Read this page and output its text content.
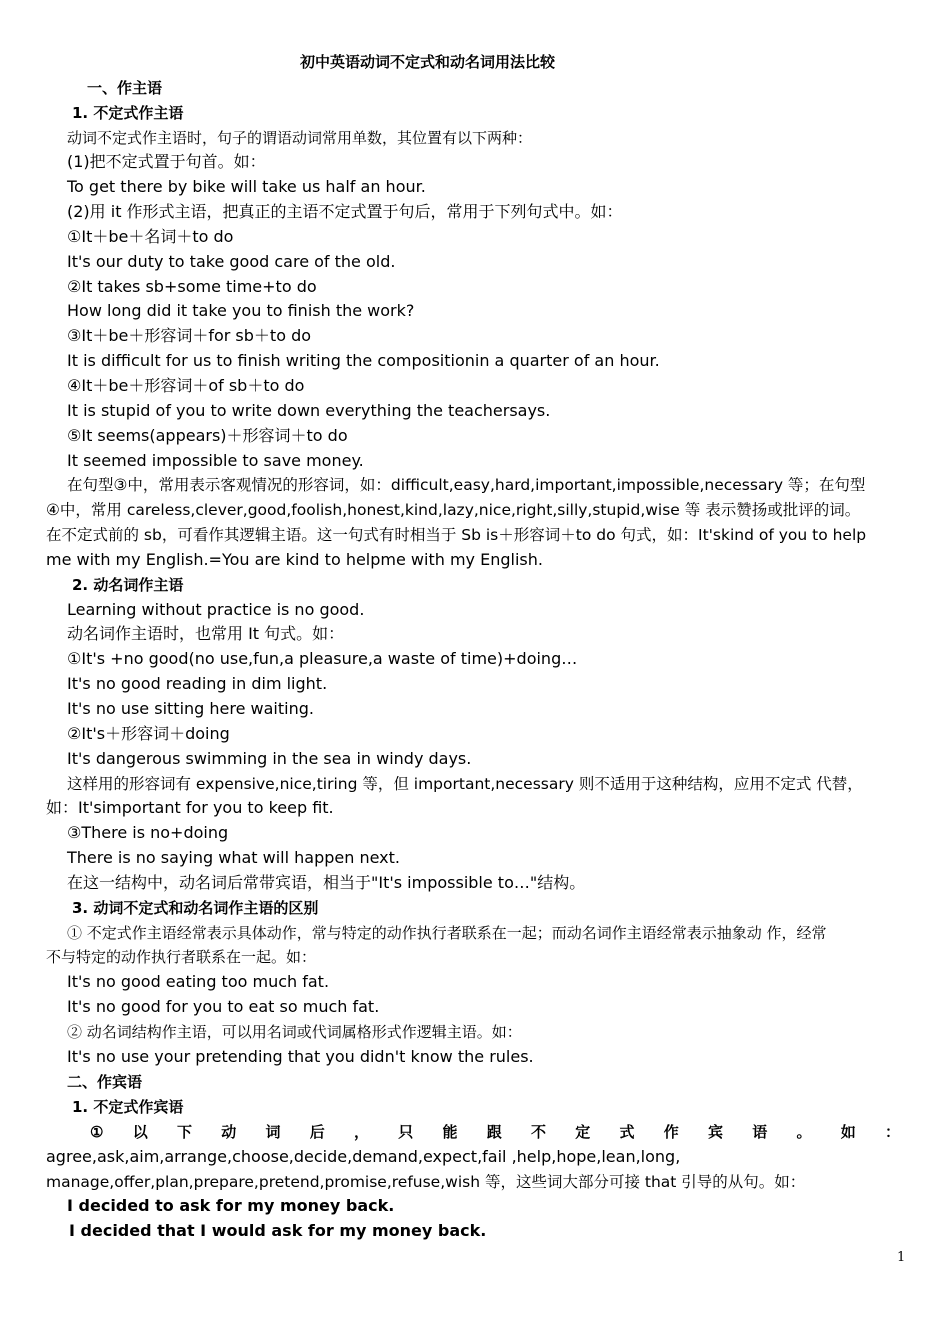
初中英语动词不定式和动名词用法比较
一、作主语
1. 不定式作主语
动词不定式作主语时，句子的谓语动词常用单数，其位置有以下两种：
(1)把不定式置于句首。如：
To get there by bike will take us half an hour.
(2)用 it 作形式主语，把真正的主语不定式置于句后，常用于下列句式中。如：
①It＋be＋名词＋to do
It's our duty to take good care of the old.
②It takes sb+some time+to do
How long did it take you to finish the work?
③It＋be＋形容词＋for sb＋to do
It is difficult for us to finish writing the compositionin a quarter of an hour.
④It＋be＋形容词＋of sb＋to do
It is stupid of you to write down everything the teachersays.
⑤It seems(appears)＋形容词＋to do
It seemed impossible to save money.
在句型③中，常用表示客观情况的形容词，如：difficult,easy,hard,important,impossible,necessary 等；在句型
④中，常用 careless,clever,good,foolish,honest,kind,lazy,nice,right,silly,stupid,wise 等 表示赞扬或批评的词。
在不定式前的 sb，可看作其逻辑主语。这一句式有时相当于 Sb is＋形容词＋to do 句式，如：It'skind of you to help
me with my English.=You are kind to helpme with my English.
2. 动名词作主语
Learning without practice is no good.
动名词作主语时，也常用 It 句式。如：
①It's +no good(no use,fun,a pleasure,a waste of time)+doing…
It's no good reading in dim light.
It's no use sitting here waiting.
②It's＋形容词＋doing
It's dangerous swimming in the sea in windy days.
这样用的形容词有 expensive,nice,tiring 等，但 important,necessary 则不适用于这种结构，应用不定式 代替，
如：It'simportant for you to keep fit.
③There is no+doing
There is no saying what will happen next.
在这一结构中，动名词后常带宾语，相当于"It's impossible to…"结构。
3. 动词不定式和动名词作主语的区别
① 不定式作主语经常表示具体动作，常与特定的动作执行者联系在一起；而动名词作主语经常表示抽象动 作，经常
不与特定的动作执行者联系在一起。如：
It's no good eating too much fat.
It's no good for you to eat so much fat.
② 动名词结构作主语，可以用名词或代词属格形式作逻辑主语。如：
It's no use your pretending that you didn't know the rules.
二、作宾语
1. 不定式作宾语
① 以 下 动 词 后 ， 只 能 跟 不 定 式 作 宾 语 。 如 ：
agree,ask,aim,arrange,choose,decide,demand,expect,fail ,help,hope,lean,long,
manage,offer,plan,prepare,pretend,promise,refuse,wish 等，这些词大部分可接 that 引导的从句。如：
I decided to ask for my money back.
I decided that I would ask for my money back.
1
